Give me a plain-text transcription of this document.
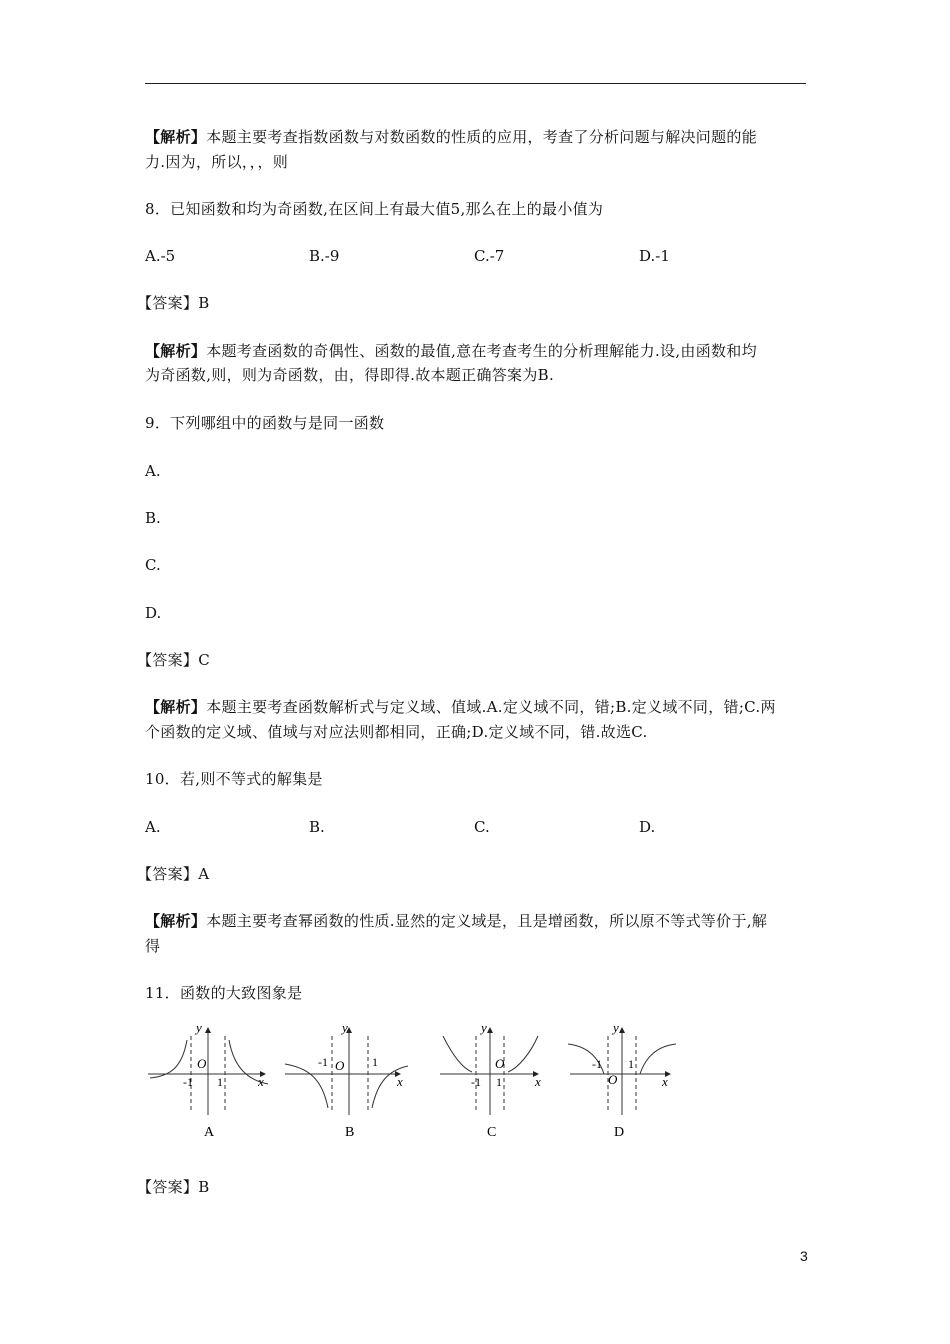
【解析】本题主要考查指数函数与对数函数的性质的应用，考查了分析问题与解决问题的能
力.因为，所以，，，则
8．已知函数和均为奇函数,在区间上有最大值5,那么在上的最小值为
A.-5	B.-9	C.-7	D.-1
【答案】B
【解析】本题考查函数的奇偶性、函数的最值,意在考查考生的分析理解能力.设,由函数和均
为奇函数,则，则为奇函数，由，得即得.故本题正确答案为B.
9．下列哪组中的函数与是同一函数
A.
B.
C.
D.
【答案】C
【解析】本题主要考查函数解析式与定义域、值域.A.定义域不同，错;B.定义域不同，错;C.两
个函数的定义域、值域与对应法则都相同，正确;D.定义域不同，错.故选C.
10．若,则不等式的解集是
A.	B.	C.	D.
【答案】A
【解析】本题主要考查幂函数的性质.显然的定义域是，且是增函数，所以原不等式等价于,解
得
11．函数的大致图象是
y
O
-1 1	x
A
y
O
-1	1
x
B
y
O
-1 1	x
C
y
O
-1 1
x
D
【答案】B
3
